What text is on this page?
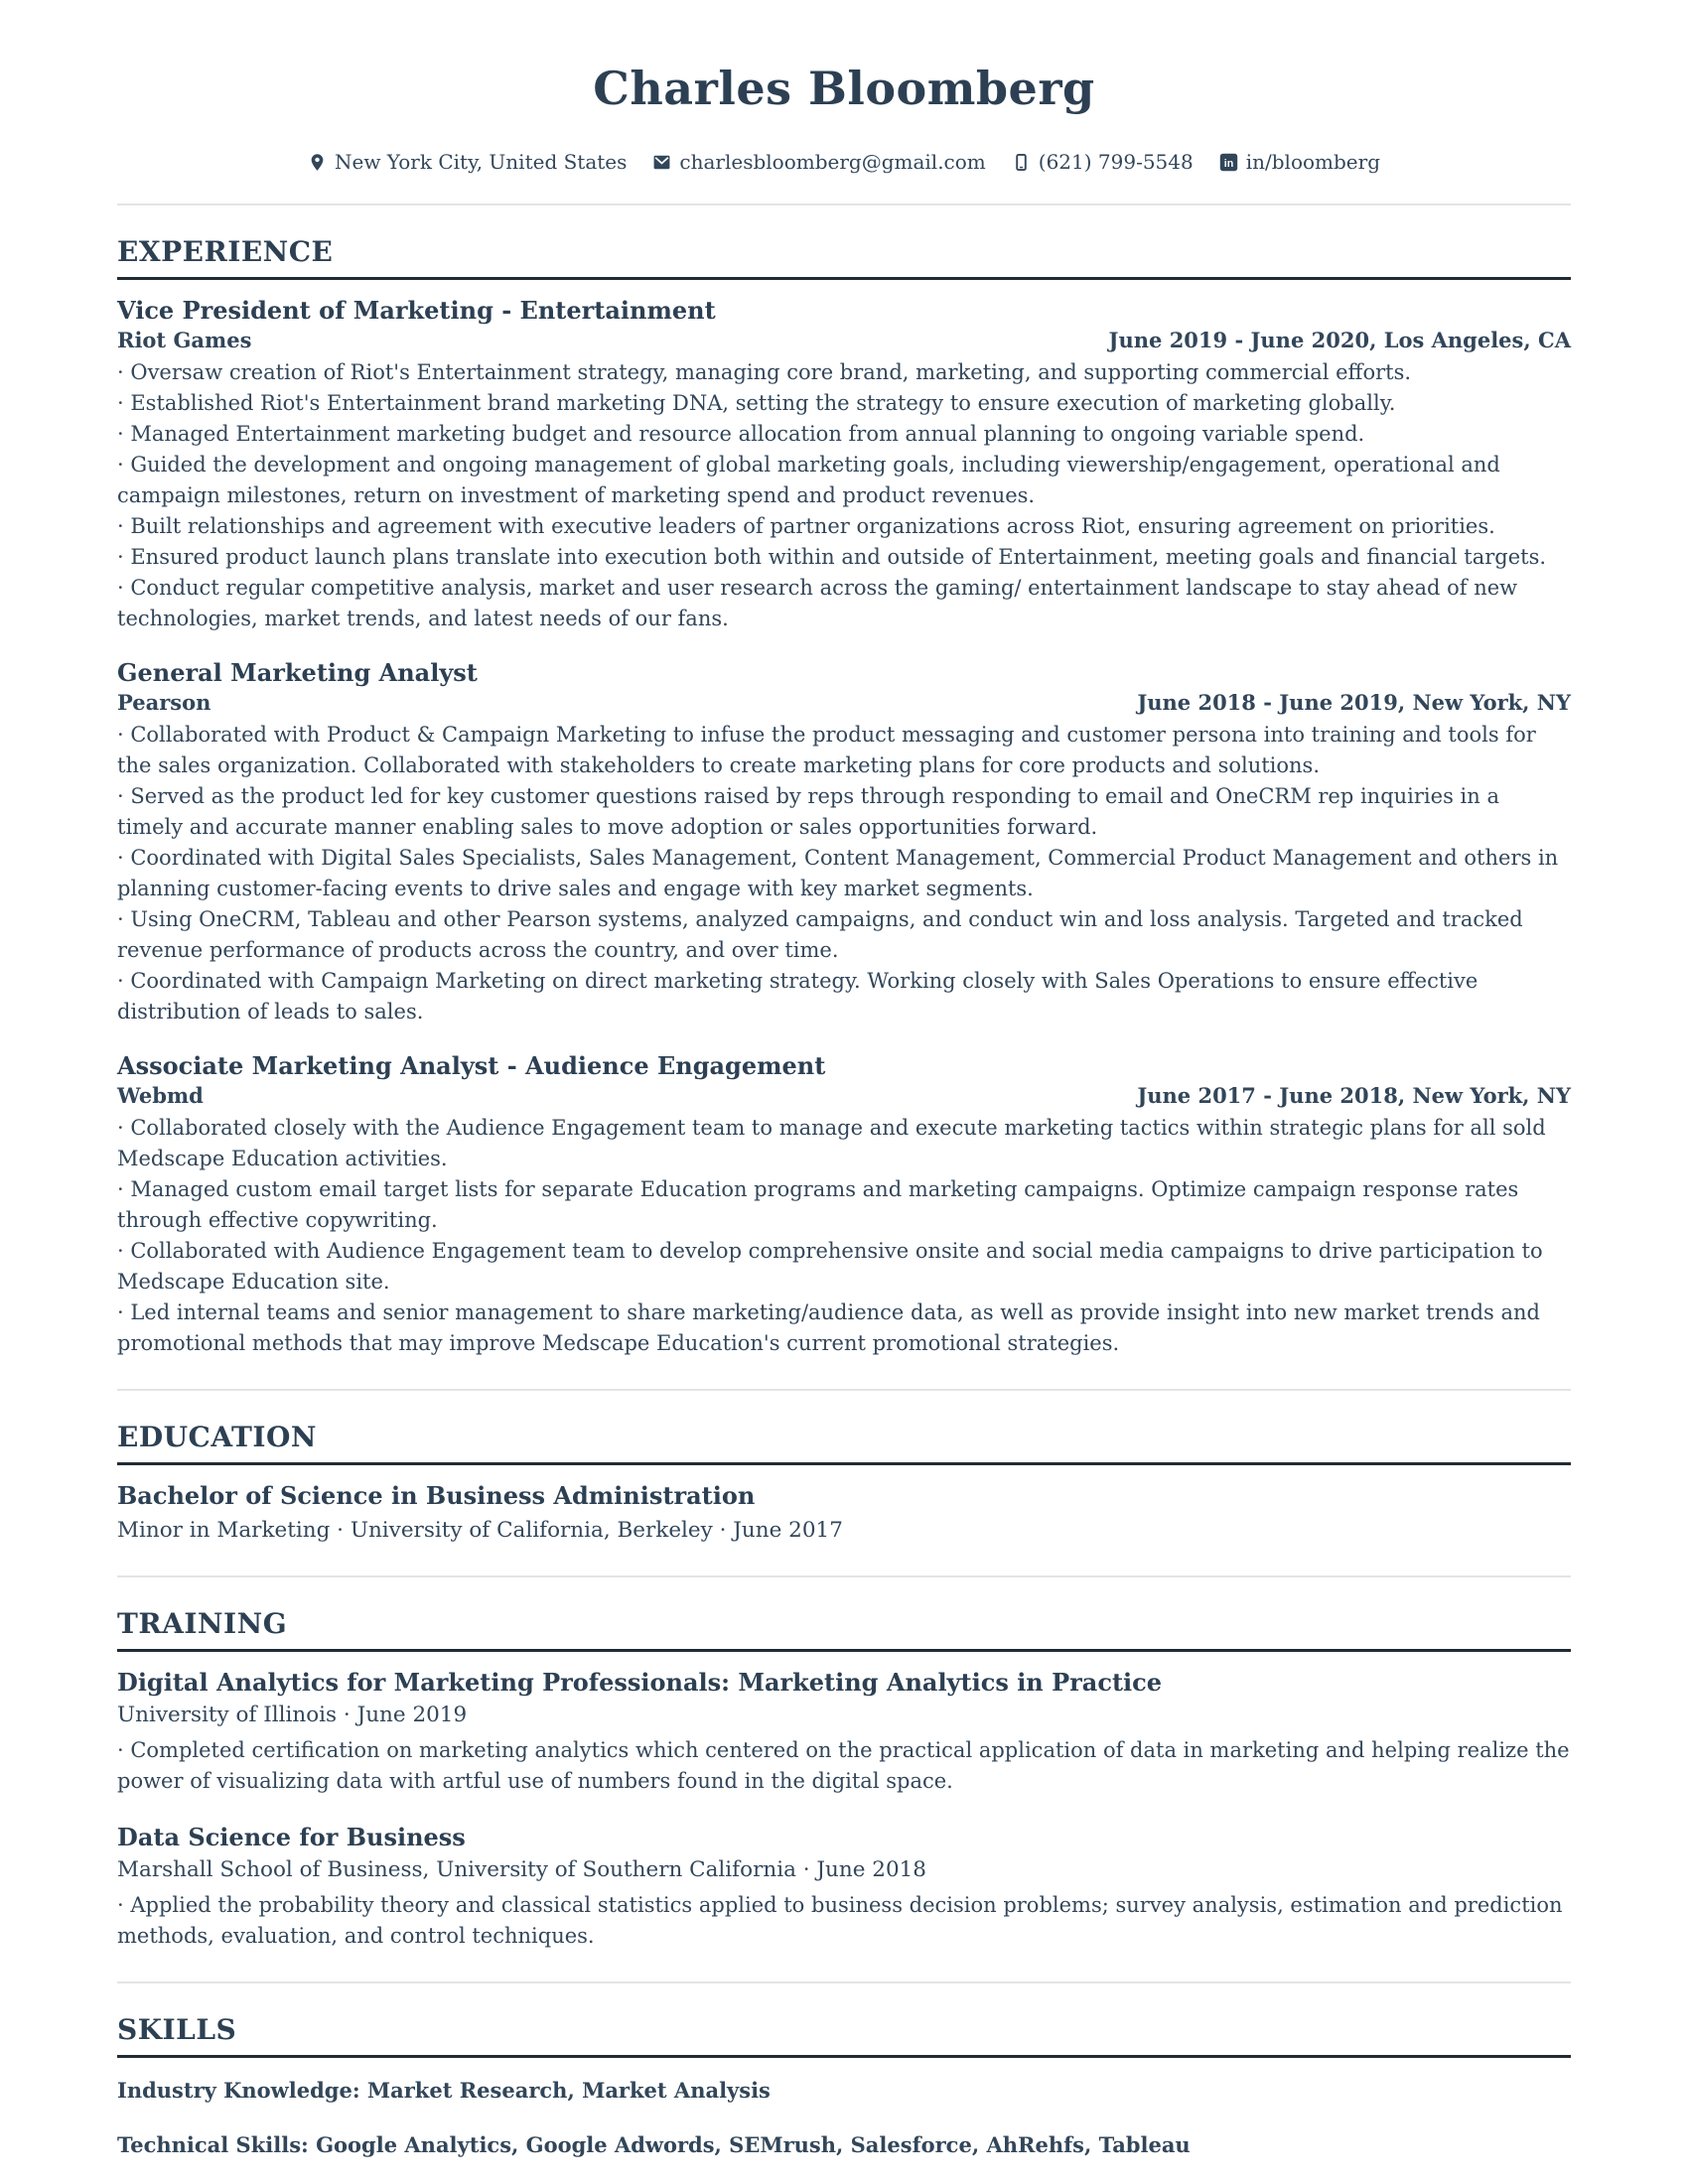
Charles Bloomberg
New York City, United States	charlesbloomberg@gmail.com	(621) 799-5548 in in/bloomberg
EXPERIENCE

Vice President of Marketing - Entertainment

Riot Games	June 2019 - June 2020, Los Angeles, CA

· Oversaw creation of Riot's Entertainment strategy, managing core brand, marketing, and supporting commercial efforts.

· Established Riot's Entertainment brand marketing DNA, setting the strategy to ensure execution of marketing globally.

· Managed Entertainment marketing budget and resource allocation from annual planning to ongoing variable spend.

· Guided the development and ongoing management of global marketing goals, including viewership/engagement, operational and campaign milestones, return on investment of marketing spend and product revenues.

· Built relationships and agreement with executive leaders of partner organizations across Riot, ensuring agreement on priorities.

· Ensured product launch plans translate into execution both within and outside of Entertainment, meeting goals and financial targets.

· Conduct regular competitive analysis, market and user research across the gaming/ entertainment landscape to stay ahead of new technologies, market trends, and latest needs of our fans.

General Marketing Analyst

Pearson	June 2018 - June 2019, New York, NY

· Collaborated with Product & Campaign Marketing to infuse the product messaging and customer persona into training and tools for the sales organization. Collaborated with stakeholders to create marketing plans for core products and solutions.

· Served as the product led for key customer questions raised by reps through responding to email and OneCRM rep inquiries in a timely and accurate manner enabling sales to move adoption or sales opportunities forward.

· Coordinated with Digital Sales Specialists, Sales Management, Content Management, Commercial Product Management and others in planning customer-facing events to drive sales and engage with key market segments.

· Using OneCRM, Tableau and other Pearson systems, analyzed campaigns, and conduct win and loss analysis. Targeted and tracked revenue performance of products across the country, and over time.

· Coordinated with Campaign Marketing on direct marketing strategy. Working closely with Sales Operations to ensure effective distribution of leads to sales.

Associate Marketing Analyst - Audience Engagement

Webmd	June 2017 - June 2018, New York, NY

· Collaborated closely with the Audience Engagement team to manage and execute marketing tactics within strategic plans for all sold Medscape Education activities.

· Managed custom email target lists for separate Education programs and marketing campaigns. Optimize campaign response rates through effective copywriting.

· Collaborated with Audience Engagement team to develop comprehensive onsite and social media campaigns to drive participation to Medscape Education site.

· Led internal teams and senior management to share marketing/audience data, as well as provide insight into new market trends and promotional methods that may improve Medscape Education's current promotional strategies.

EDUCATION

Bachelor of Science in Business Administration

Minor in Marketing · University of California, Berkeley · June 2017

TRAINING

Digital Analytics for Marketing Professionals: Marketing Analytics in Practice

University of Illinois · June 2019

· Completed certification on marketing analytics which centered on the practical application of data in marketing and helping realize the power of visualizing data with artful use of numbers found in the digital space.

Data Science for Business

Marshall School of Business, University of Southern California · June 2018

· Applied the probability theory and classical statistics applied to business decision problems; survey analysis, estimation and prediction methods, evaluation, and control techniques.

SKILLS

Industry Knowledge: Market Research, Market Analysis

Technical Skills: Google Analytics, Google Adwords, SEMrush, Salesforce, AhRehfs, Tableau
